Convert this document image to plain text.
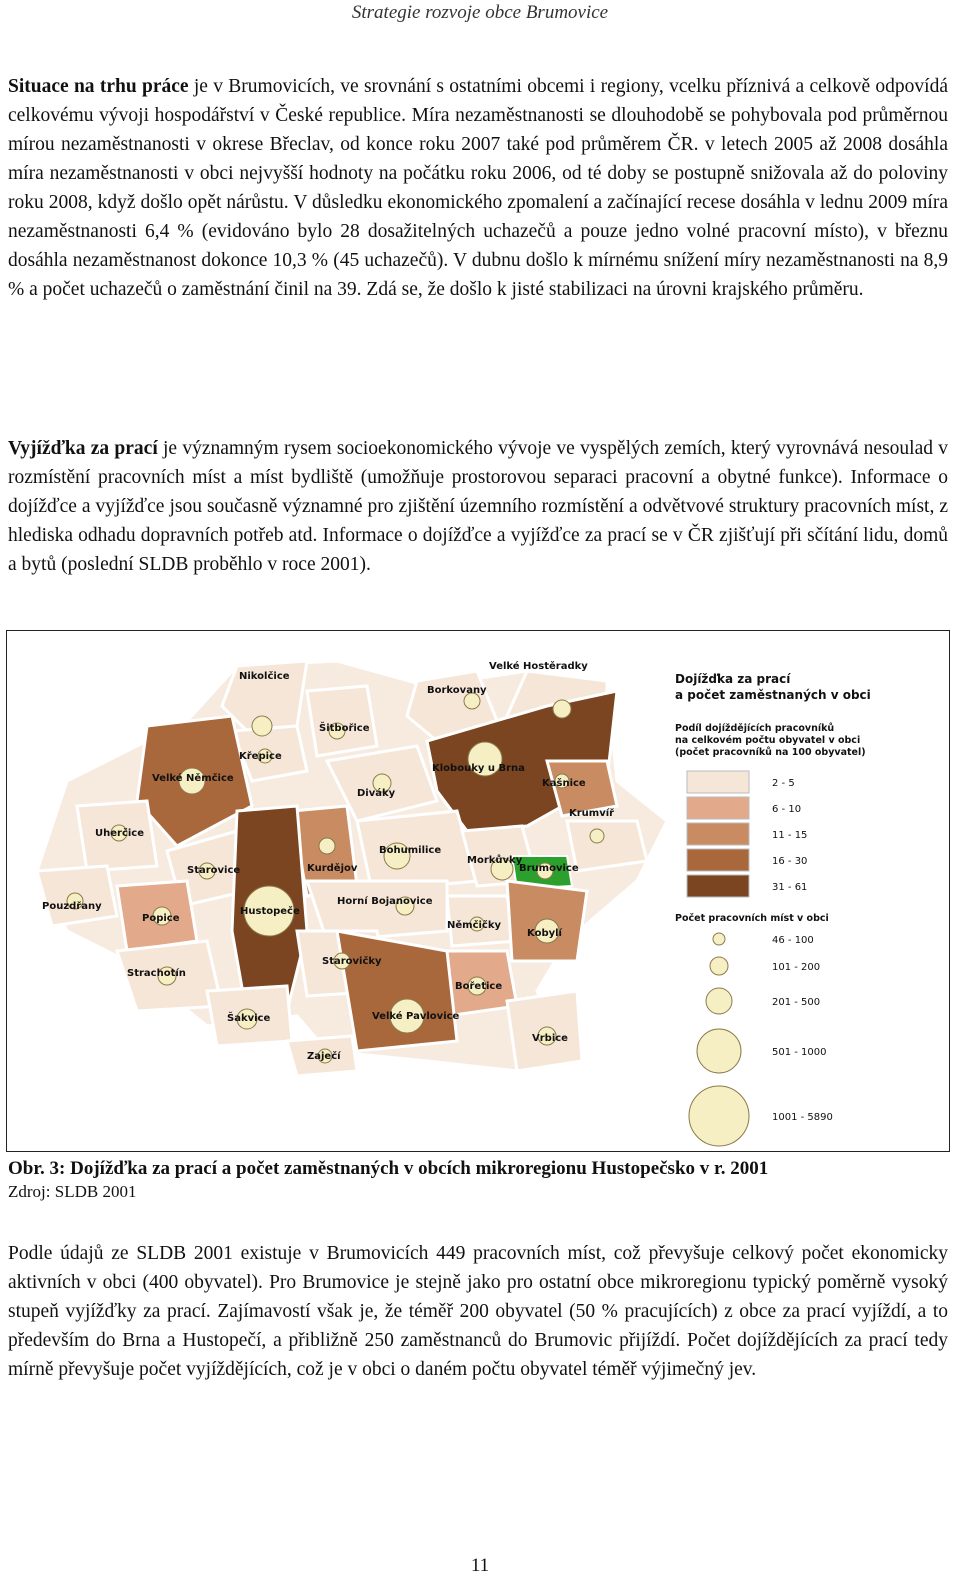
Strategie rozvoje obce Brumovice

Situace na trhu práce je v Brumovicích, ve srovnání s ostatními obcemi i regiony, vcelku příznivá a celkově odpovídá celkovému vývoji hospodářství v České republice. Míra nezaměstnanosti se dlouhodobě se pohybovala pod průměrnou mírou nezaměstnanosti v okrese Břeclav, od konce roku 2007 také pod průměrem ČR. v letech 2005 až 2008 dosáhla míra nezaměstnanosti v obci nejvyšší hodnoty na počátku roku 2006, od té doby se postupně snižovala až do poloviny roku 2008, když došlo opět nárůstu. V důsledku ekonomického zpomalení a začínající recese dosáhla v lednu 2009 míra nezaměstnanosti 6,4 % (evidováno bylo 28 dosažitelných uchazečů a pouze jedno volné pracovní místo), v březnu dosáhla nezaměstnanost dokonce 10,3 % (45 uchazečů). V dubnu došlo k mírnému snížení míry nezaměstnanosti na 8,9 % a počet uchazečů o zaměstnání činil na 39. Zdá se, že došlo k jisté stabilizaci na úrovni krajského průměru.

Vyjížďka za prací je významným rysem socioekonomického vývoje ve vyspělých zemích, který vyrovnává nesoulad v rozmístění pracovních míst a míst bydliště (umožňuje prostorovou separaci pracovní a obytné funkce). Informace o dojížďce a vyjížďce jsou současně významné pro zjištění územního rozmístění a odvětvové struktury pracovních míst, z hlediska odhadu dopravních potřeb atd. Informace o dojížďce a vyjížďce za prací se v ČR zjišťují při sčítání lidu, domů a bytů (poslední SLDB proběhlo v roce 2001).

Nikolčice
Velké Hostěradky
Borkovany
Šitbořice
Křepice
Velké Němčice
Klobouky u Brna
Kašnice
Diváky
Krumvíř
Uherčice
Starovice	Kurdějov
Bohumilice
Morkůvky
Brumovice
Popice
Hustopeče
Horní Bojanovice
Němčičky
Kobylí
Strachotín
Starovičky
Bořetice
Šakvice	Velké Pavlovice
Vrbice
Zaječí
Pouzdřany
Dojížďka za prací
a počet zaměstnaných v obci
Podíl dojíždějících pracovníků
na celkovém počtu obyvatel v obci
(počet pracovníků na 100 obyvatel)
2 - 5
6 - 10
11 - 15
16 - 30
31 - 61
Počet pracovních míst v obci
46 - 100
101 - 200
201 - 500
501 - 1000
1001 - 5890
Obr. 3: Dojížďka za prací a počet zaměstnaných v obcích mikroregionu Hustopečsko v r. 2001
Zdroj: SLDB 2001

Podle údajů ze SLDB 2001 existuje v Brumovicích 449 pracovních míst, což převyšuje celkový počet ekonomicky aktivních v obci (400 obyvatel). Pro Brumovice je stejně jako pro ostatní obce mikroregionu typický poměrně vysoký stupeň vyjížďky za prací. Zajímavostí však je, že téměř 200 obyvatel (50 % pracujících) z obce za prací vyjíždí, a to především do Brna a Hustopečí, a přibližně 250 zaměstnanců do Brumovic přijíždí. Počet dojíždějících za prací tedy mírně převyšuje počet vyjíždějících, což je v obci o daném počtu obyvatel téměř výjimečný jev.

11
